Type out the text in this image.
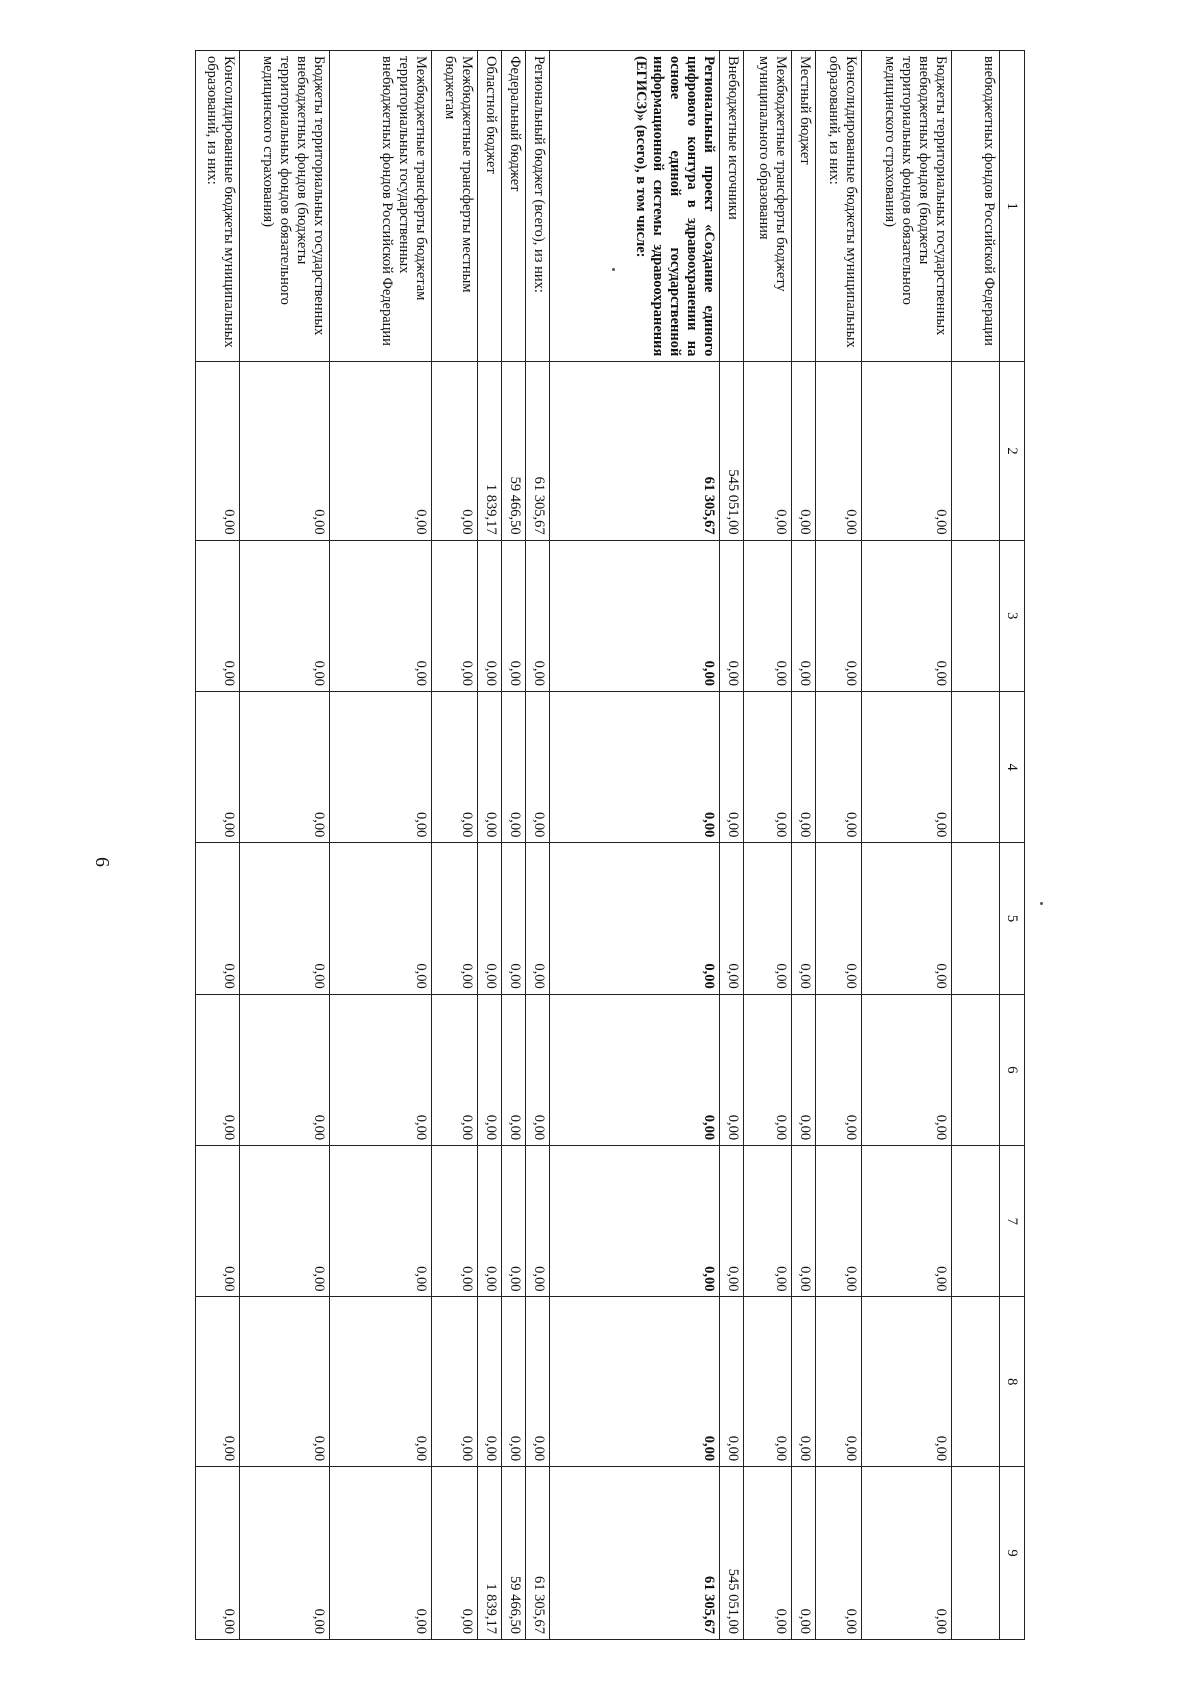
6
1	2	3	4	5	6	7	8	9
внебюджетных фондов Российской Федерации								
Бюджеты территориальных государственных внебюджетных фондов (бюджеты территориальных фондов обязательного медицинского страхования)	0,00	0,00	0,00	0,00	0,00	0,00	0,00	0,00
Консолидированные бюджеты муниципальных образований, из них:	0,00	0,00	0,00	0,00	0,00	0,00	0,00	0,00
Местный бюджет	0,00	0,00	0,00	0,00	0,00	0,00	0,00	0,00
Межбюджетные трансферты бюджету муниципального образования	0,00	0,00	0,00	0,00	0,00	0,00	0,00	0,00
Внебюджетные источники	545 051,00	0,00	0,00	0,00	0,00	0,00	0,00	545 051,00
Региональный проект «Создание единого цифрового контура в здравоохранении на основе единой государственной информационной системы здравоохранения (ЕГИСЗ)» (всего), в том числе:	61 305,67	0,00	0,00	0,00	0,00	0,00	0,00	61 305,67
Региональный бюджет (всего), из них:	61 305,67	0,00	0,00	0,00	0,00	0,00	0,00	61 305,67
Федеральный бюджет	59 466,50	0,00	0,00	0,00	0,00	0,00	0,00	59 466,50
Областной бюджет	1 839,17	0,00	0,00	0,00	0,00	0,00	0,00	1 839,17
Межбюджетные трансферты местным бюджетам	0,00	0,00	0,00	0,00	0,00	0,00	0,00	0,00
Межбюджетные трансферты бюджетам территориальных государственных внебюджетных фондов Российской Федерации	0,00	0,00	0,00	0,00	0,00	0,00	0,00	0,00
Бюджеты территориальных государственных внебюджетных фондов (бюджеты территориальных фондов обязательного медицинского страхования)	0,00	0,00	0,00	0,00	0,00	0,00	0,00	0,00
Консолидированные бюджеты муниципальных образований, из них:	0,00	0,00	0,00	0,00	0,00	0,00	0,00	0,00
